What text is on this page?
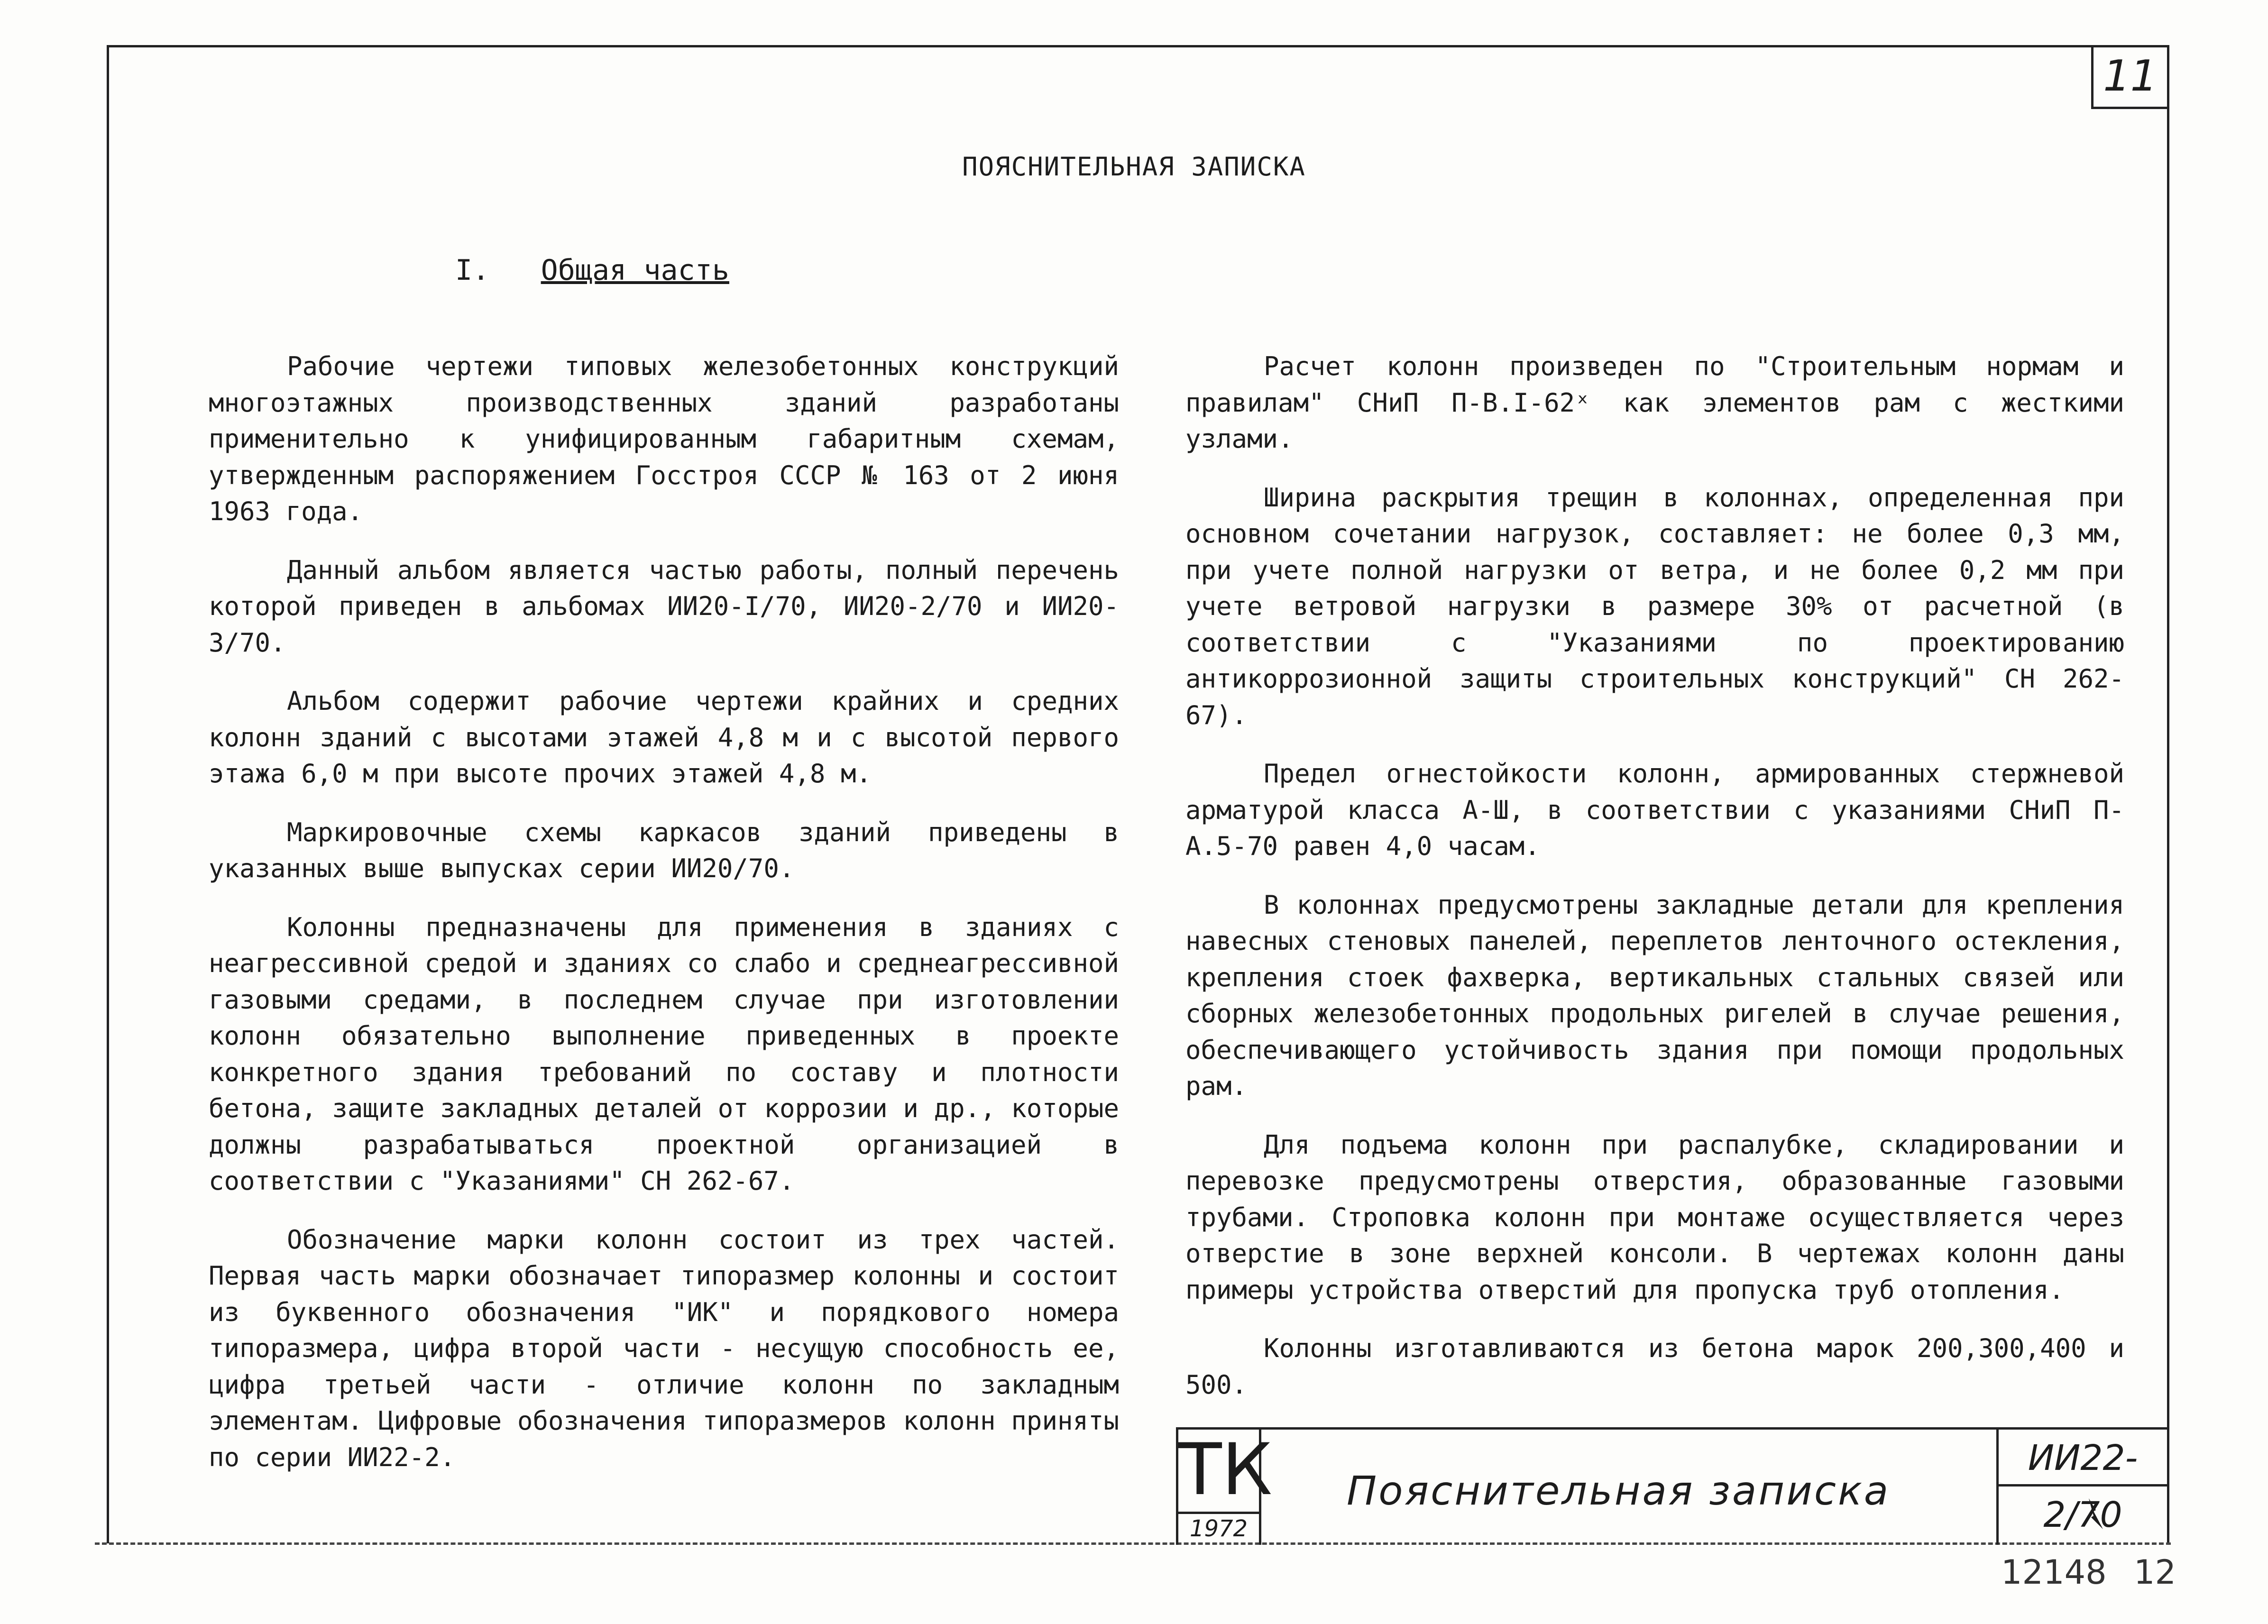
11
ПОЯСНИТЕЛЬНАЯ ЗАПИСКА
I. Общая часть

Рабочие чертежи типовых железобетонных конструкций многоэтажных производственных зданий разработаны применительно к унифицированным габаритным схемам, утвержденным распоряжением Госстроя СССР № 163 от 2 июня 1963 года.

Данный альбом является частью работы, полный перечень которой приведен в альбомах ИИ20-I/70, ИИ20-2/70 и ИИ20-3/70.

Альбом содержит рабочие чертежи крайних и средних колонн зданий с высотами этажей 4,8 м и с высотой первого этажа 6,0 м при высоте прочих этажей 4,8 м.

Маркировочные схемы каркасов зданий приведены в указанных выше выпусках серии ИИ20/70.

Колонны предназначены для применения в зданиях с неагрессивной средой и зданиях со слабо и среднеагрессивной газовыми средами, в последнем случае при изготовлении колонн обязательно выполнение приведенных в проекте конкретного здания требований по составу и плотности бетона, защите закладных деталей от коррозии и др., которые должны разрабатываться проектной организацией в соответствии с "Указаниями" СН 262-67.

Обозначение марки колонн состоит из трех частей. Первая часть марки обозначает типоразмер колонны и состоит из буквенного обозначения "ИК" и порядкового номера типоразмера, цифра второй части - несущую способность ее, цифра третьей части - отличие колонн по закладным элементам. Цифровые обозначения типоразмеров колонн приняты по серии ИИ22-2.

Расчет колонн произведен по "Строительным нормам и правилам" СНиП П-В.I-62ˣ как элементов рам с жесткими узлами.

Ширина раскрытия трещин в колоннах, определенная при основном сочетании нагрузок, составляет: не более 0,3 мм, при учете полной нагрузки от ветра, и не более 0,2 мм при учете ветровой нагрузки в размере 30% от расчетной (в соответствии с "Указаниями по проектированию антикоррозионной защиты строительных конструкций" СН 262-67).

Предел огнестойкости колонн, армированных стержневой арматурой класса А-Ш, в соответствии с указаниями СНиП П-А.5-70 равен 4,0 часам.

В колоннах предусмотрены закладные детали для крепления навесных стеновых панелей, переплетов ленточного остекления, крепления стоек фахверка, вертикальных стальных связей или сборных железобетонных продольных ригелей в случае решения, обеспечивающего устойчивость здания при помощи продольных рам.

Для подъема колонн при распалубке, складировании и перевозке предусмотрены отверстия, образованные газовыми трубами. Строповка колонн при монтаже осуществляется через отверстие в зоне верхней консоли. В чертежах колонн даны примеры устройства отверстий для пропуска труб отопления.

Колонны изготавливаются из бетона марок 200,300,400 и 500.

ТК
1972
Пояснительная записка
ИИ22-2/70
12148 12
